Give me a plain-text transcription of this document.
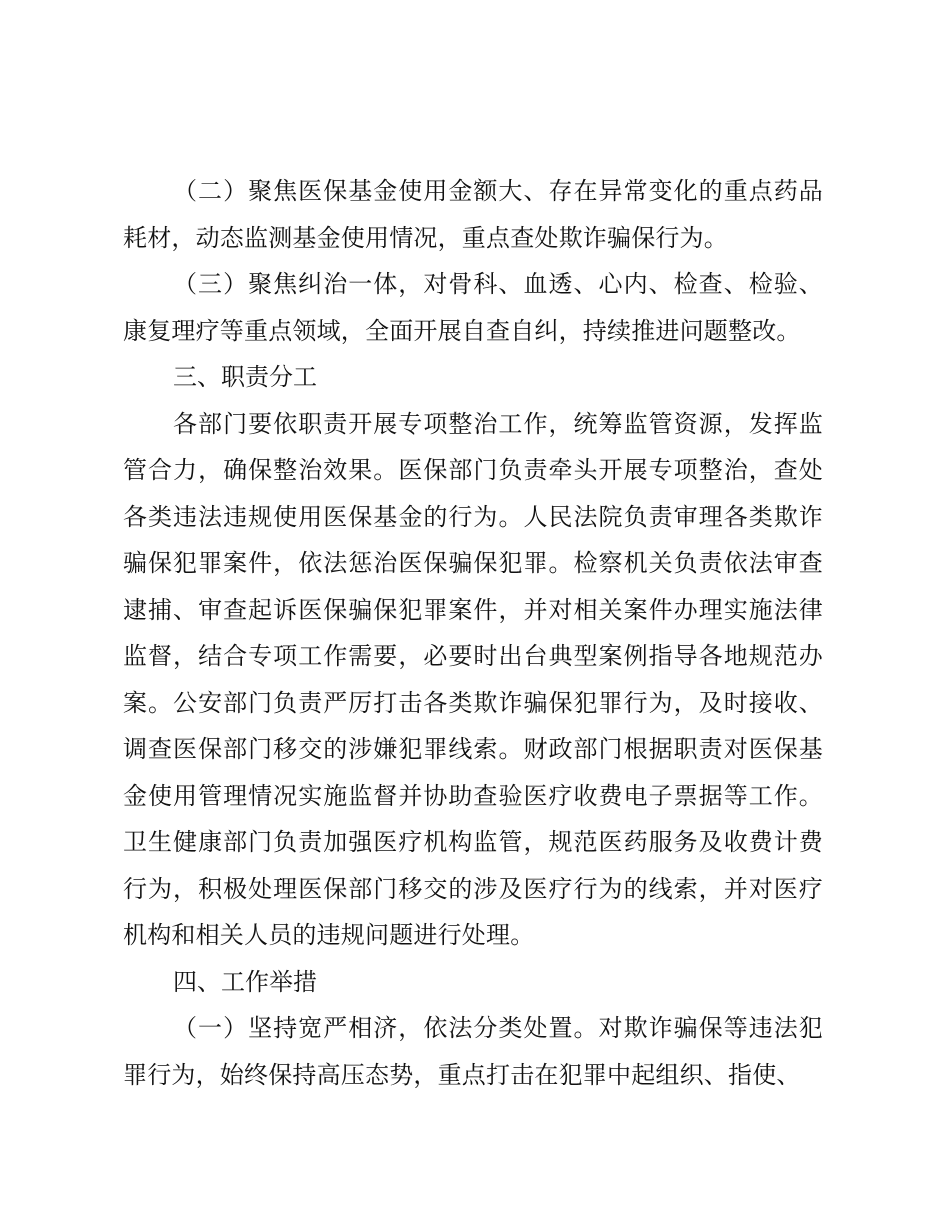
（二）聚焦医保基金使用金额大、存在异常变化的重点药品耗材，动态监测基金使用情况，重点查处欺诈骗保行为。

（三）聚焦纠治一体，对骨科、血透、心内、检查、检验、康复理疗等重点领域，全面开展自查自纠，持续推进问题整改。

三、职责分工

各部门要依职责开展专项整治工作，统筹监管资源，发挥监管合力，确保整治效果。医保部门负责牵头开展专项整治，查处各类违法违规使用医保基金的行为。人民法院负责审理各类欺诈骗保犯罪案件，依法惩治医保骗保犯罪。检察机关负责依法审查逮捕、审查起诉医保骗保犯罪案件，并对相关案件办理实施法律监督，结合专项工作需要，必要时出台典型案例指导各地规范办案。公安部门负责严厉打击各类欺诈骗保犯罪行为，及时接收、调查医保部门移交的涉嫌犯罪线索。财政部门根据职责对医保基金使用管理情况实施监督并协助查验医疗收费电子票据等工作。卫生健康部门负责加强医疗机构监管，规范医药服务及收费计费行为，积极处理医保部门移交的涉及医疗行为的线索，并对医疗机构和相关人员的违规问题进行处理。

四、工作举措

（一）坚持宽严相济，依法分类处置。对欺诈骗保等违法犯罪行为，始终保持高压态势，重点打击在犯罪中起组织、指使、
